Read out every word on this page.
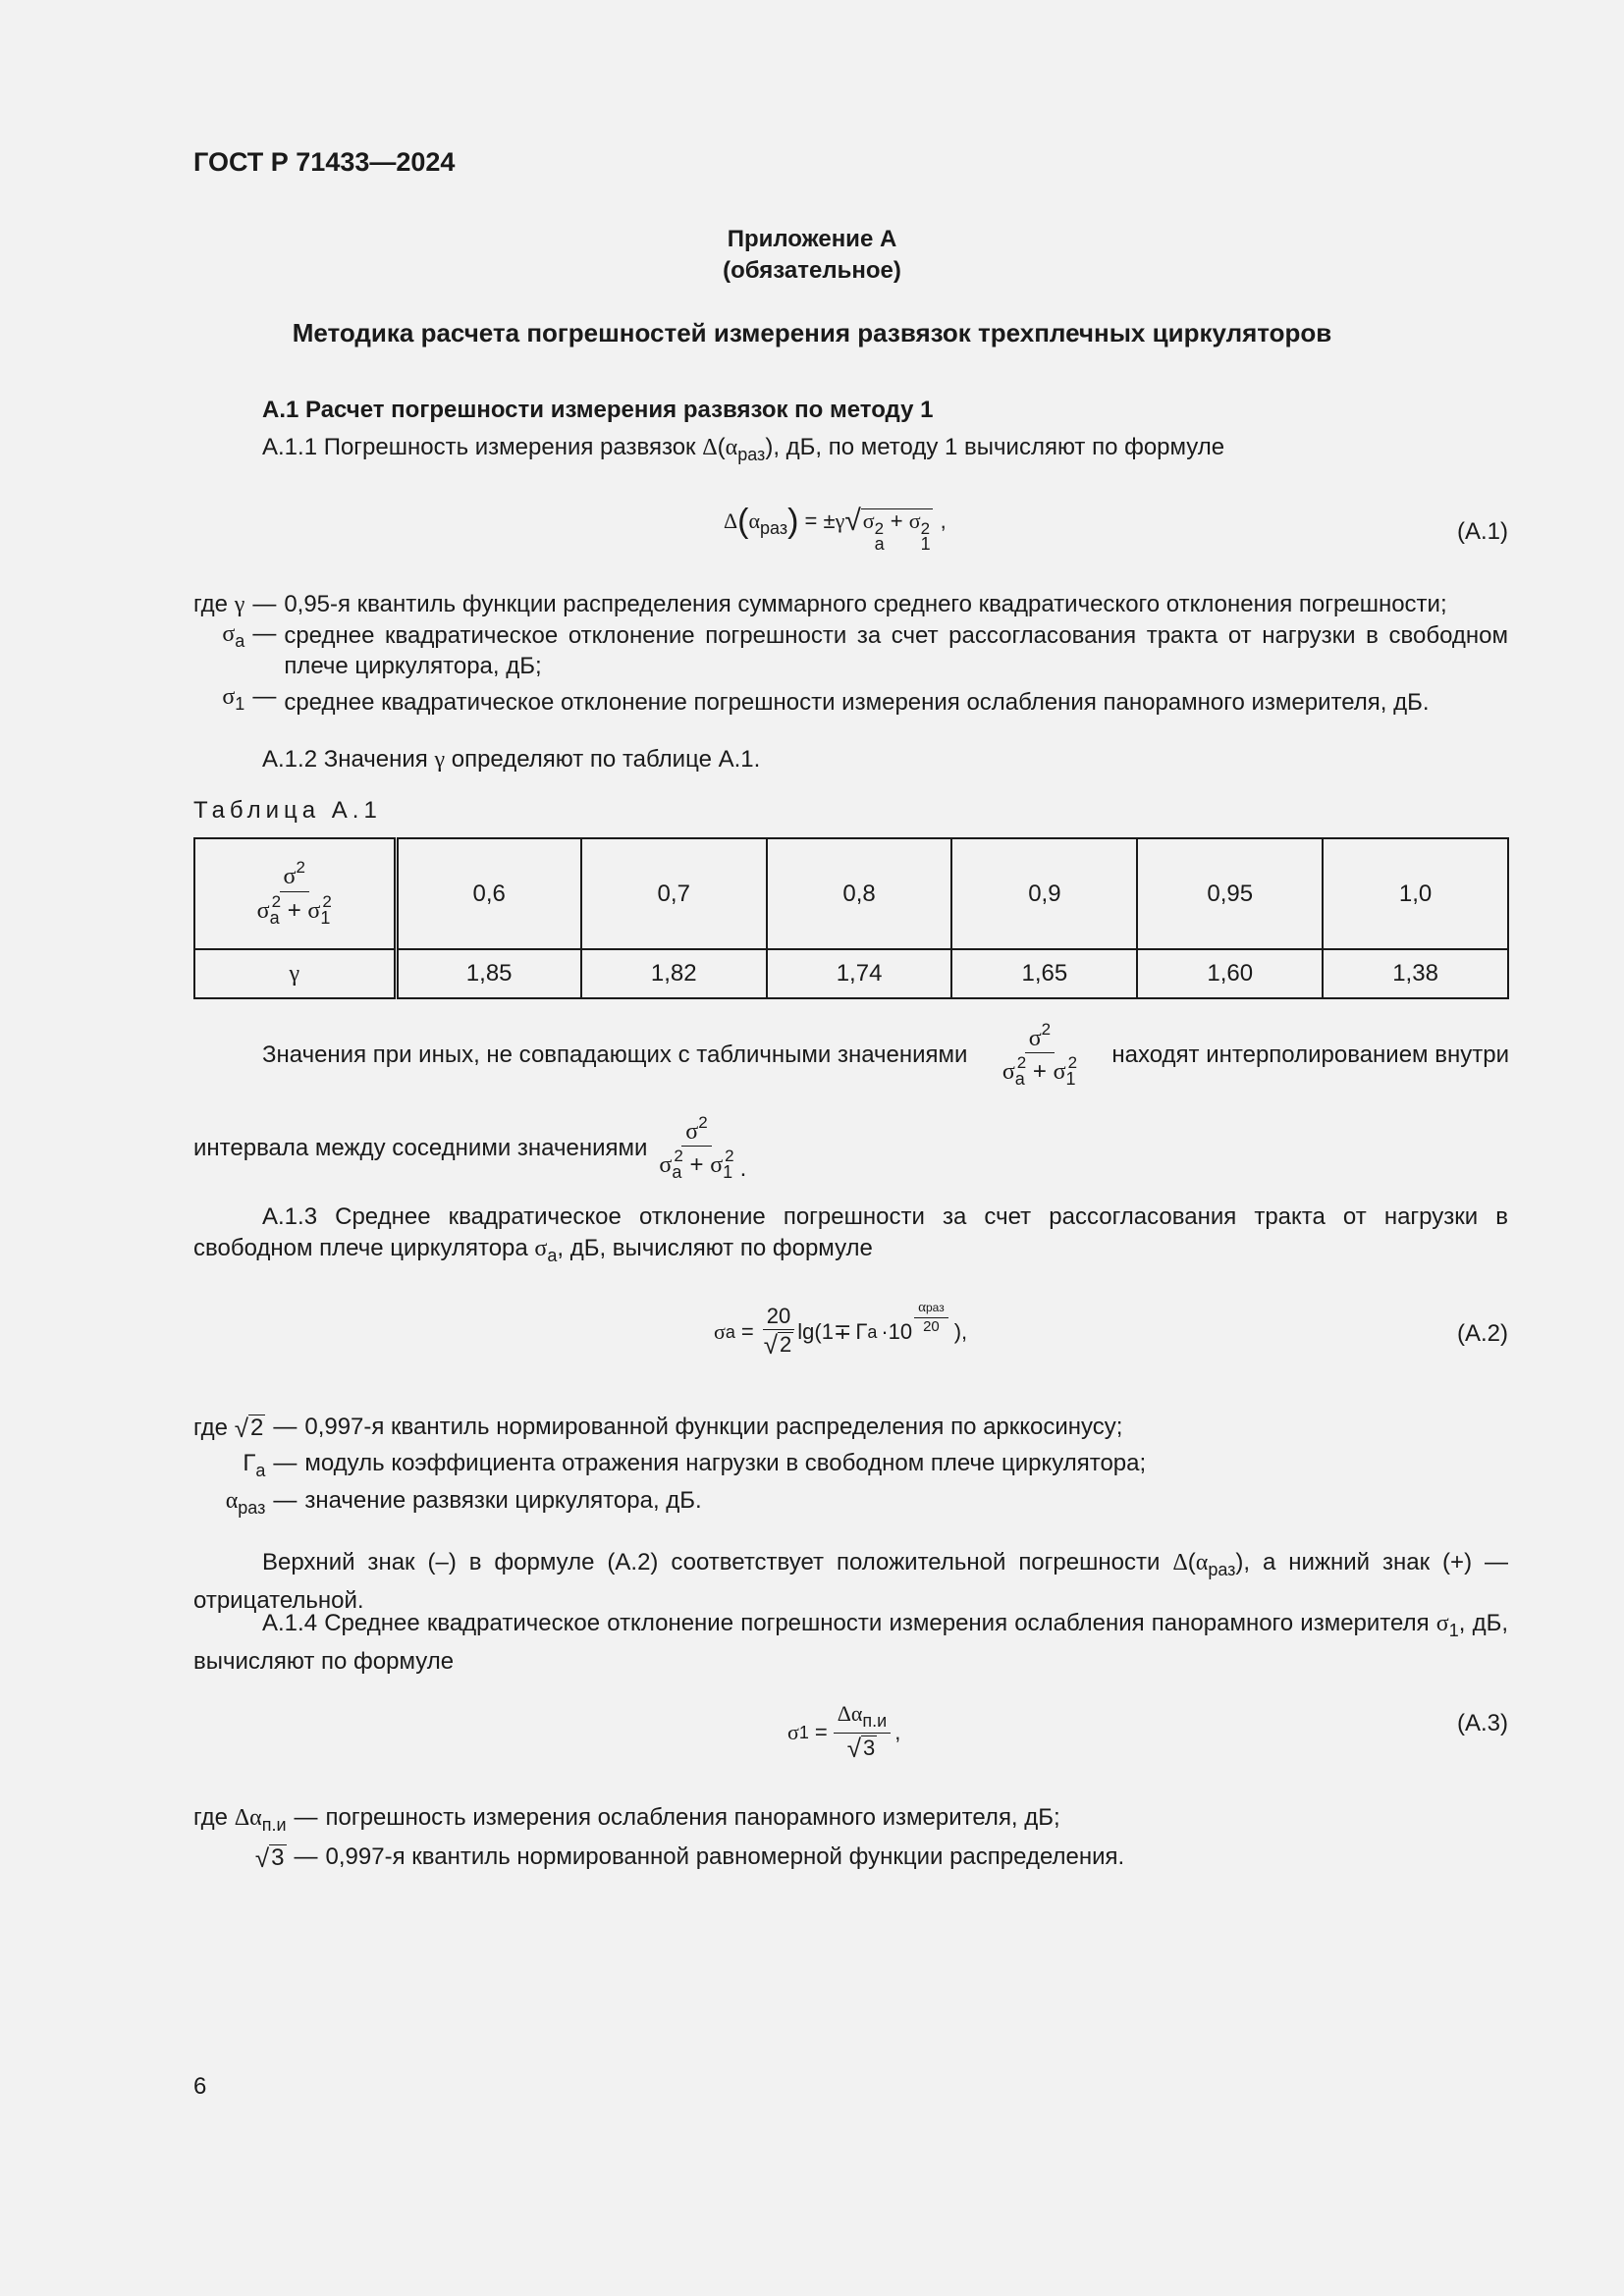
ГОСТ Р 71433—2024
Приложение А
(обязательное)
Методика расчета погрешностей измерения развязок трехплечных циркуляторов
А.1 Расчет погрешности измерения развязок по методу 1
А.1.1 Погрешность измерения развязок $\Delta(\alpha_{раз})$, дБ, по методу 1 вычисляют по формуле
$\Delta(\alpha_{раз}) = \pm\gamma√\sigma$ 2
а
+ σ 2
1
,	(А.1)
где γ — 0,95-я квантиль функции распределения суммарного среднего квадратического отклонения погрешности;
$\sigma_а$ — среднее квадратическое отклонение погрешности за счет рассогласования тракта от нагрузки в свободном плече циркулятора, дБ;
$\sigma_1$ — среднее квадратическое отклонение погрешности измерения ослабления панорамного измерителя, дБ.
А.1.2 Значения γ определяют по таблице А.1.
Таблица А.1
$\frac{\sigma^2}{\sigma_а^2 + \sigma_1^2}$	0,6	0,7	0,8	0,9	0,95	1,0
γ	1,85	1,82	1,74	1,65	1,60	1,38
Значения при иных, не совпадающих с табличными значениями $\frac{\sigma^2}{\sigma_а^2 + \sigma_1^2}$ находят интерполированием внутри
интервала между соседними значениями $\frac{\sigma^2}{\sigma_а^2 + \sigma_1^2}$ .
А.1.3 Среднее квадратическое отклонение погрешности за счет рассогласования тракта от нагрузки в свободном плече циркулятора $\sigma_а$, дБ, вычисляют по формуле
σ $а = \frac{20}{√2} \lg(1 \mp Г$ $а \cdot 10 \frac{\text{αраз}}{20}$ ),	(А.2)
где √2 — 0,997-я квантиль нормированной функции распределения по арккосинусу;
$Г_а$ — модуль коэффициента отражения нагрузки в свободном плече циркулятора;
$\alpha_{раз}$ — значение развязки циркулятора, дБ.
Верхний знак (–) в формуле (А.2) соответствует положительной погрешности $\Delta(\alpha_{раз})$, а нижний знак (+) — отрицательной.
А.1.4 Среднее квадратическое отклонение погрешности измерения ослабления панорамного измерителя $\sigma_1$, дБ, вычисляют по формуле
σ $1 = \frac{\Delta\alpha_{п.и}}{√3}$ ,	(А.3)
где $\Delta\alpha_{п.и}$ — погрешность измерения ослабления панорамного измерителя, дБ;
√3 — 0,997-я квантиль нормированной равномерной функции распределения.
6
